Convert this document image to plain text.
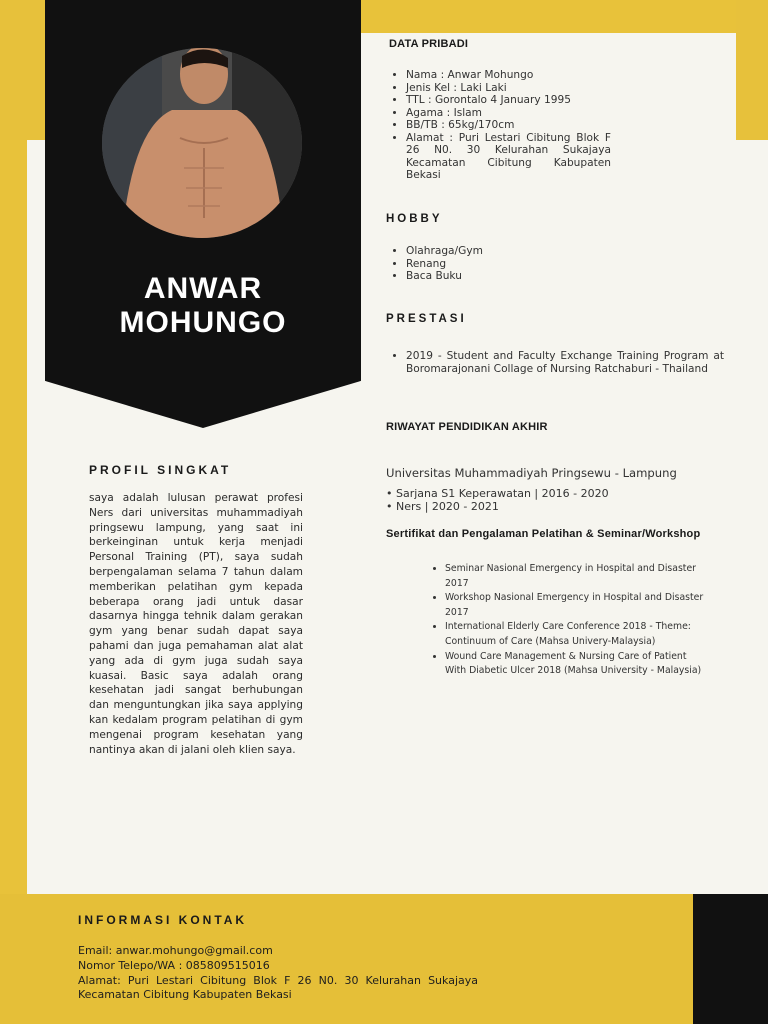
ANWAR
MOHUNGO
DATA PRIBADI
• Nama : Anwar Mohungo
• Jenis Kel : Laki Laki
• TTL : Gorontalo 4 January 1995
• Agama : Islam
• BB/TB : 65kg/170cm
• Alamat : Puri Lestari Cibitung Blok F 26 N0. 30 Kelurahan Sukajaya Kecamatan Cibitung Kabupaten Bekasi
HOBBY
• Olahraga/Gym
• Renang
• Baca Buku
PRESTASI
• 2019 - Student and Faculty Exchange Training Program at Boromarajonani Collage of Nursing Ratchaburi - Thailand
RIWAYAT PENDIDIKAN AKHIR
Universitas Muhammadiyah Pringsewu - Lampung
• Sarjana S1 Keperawatan | 2016 - 2020
• Ners | 2020 - 2021
Sertifikat dan Pengalaman Pelatihan & Seminar/Workshop
• Seminar Nasional Emergency in Hospital and Disaster 2017
• Workshop Nasional Emergency in Hospital and Disaster 2017
• International Elderly Care Conference 2018 - Theme: Continuum of Care (Mahsa Univery-Malaysia)
• Wound Care Management & Nursing Care of Patient With Diabetic Ulcer 2018 (Mahsa University - Malaysia)
PROFIL SINGKAT
saya adalah lulusan perawat profesi Ners dari universitas muhammadiyah pringsewu lampung, yang saat ini berkeinginan untuk kerja menjadi Personal Training (PT), saya sudah berpengalaman selama 7 tahun dalam memberikan pelatihan gym kepada beberapa orang jadi untuk dasar dasarnya hingga tehnik dalam gerakan gym yang benar sudah dapat saya pahami dan juga pemahaman alat alat yang ada di gym juga sudah saya kuasai. Basic saya adalah orang kesehatan jadi sangat berhubungan dan menguntungkan jika saya applying kan kedalam program pelatihan di gym mengenai program kesehatan yang nantinya akan di jalani oleh klien saya.
INFORMASI KONTAK
Email: anwar.mohungo@gmail.com
Nomor Telepo/WA : 085809515016
Alamat: Puri Lestari Cibitung Blok F 26 N0. 30 Kelurahan Sukajaya Kecamatan Cibitung Kabupaten Bekasi
